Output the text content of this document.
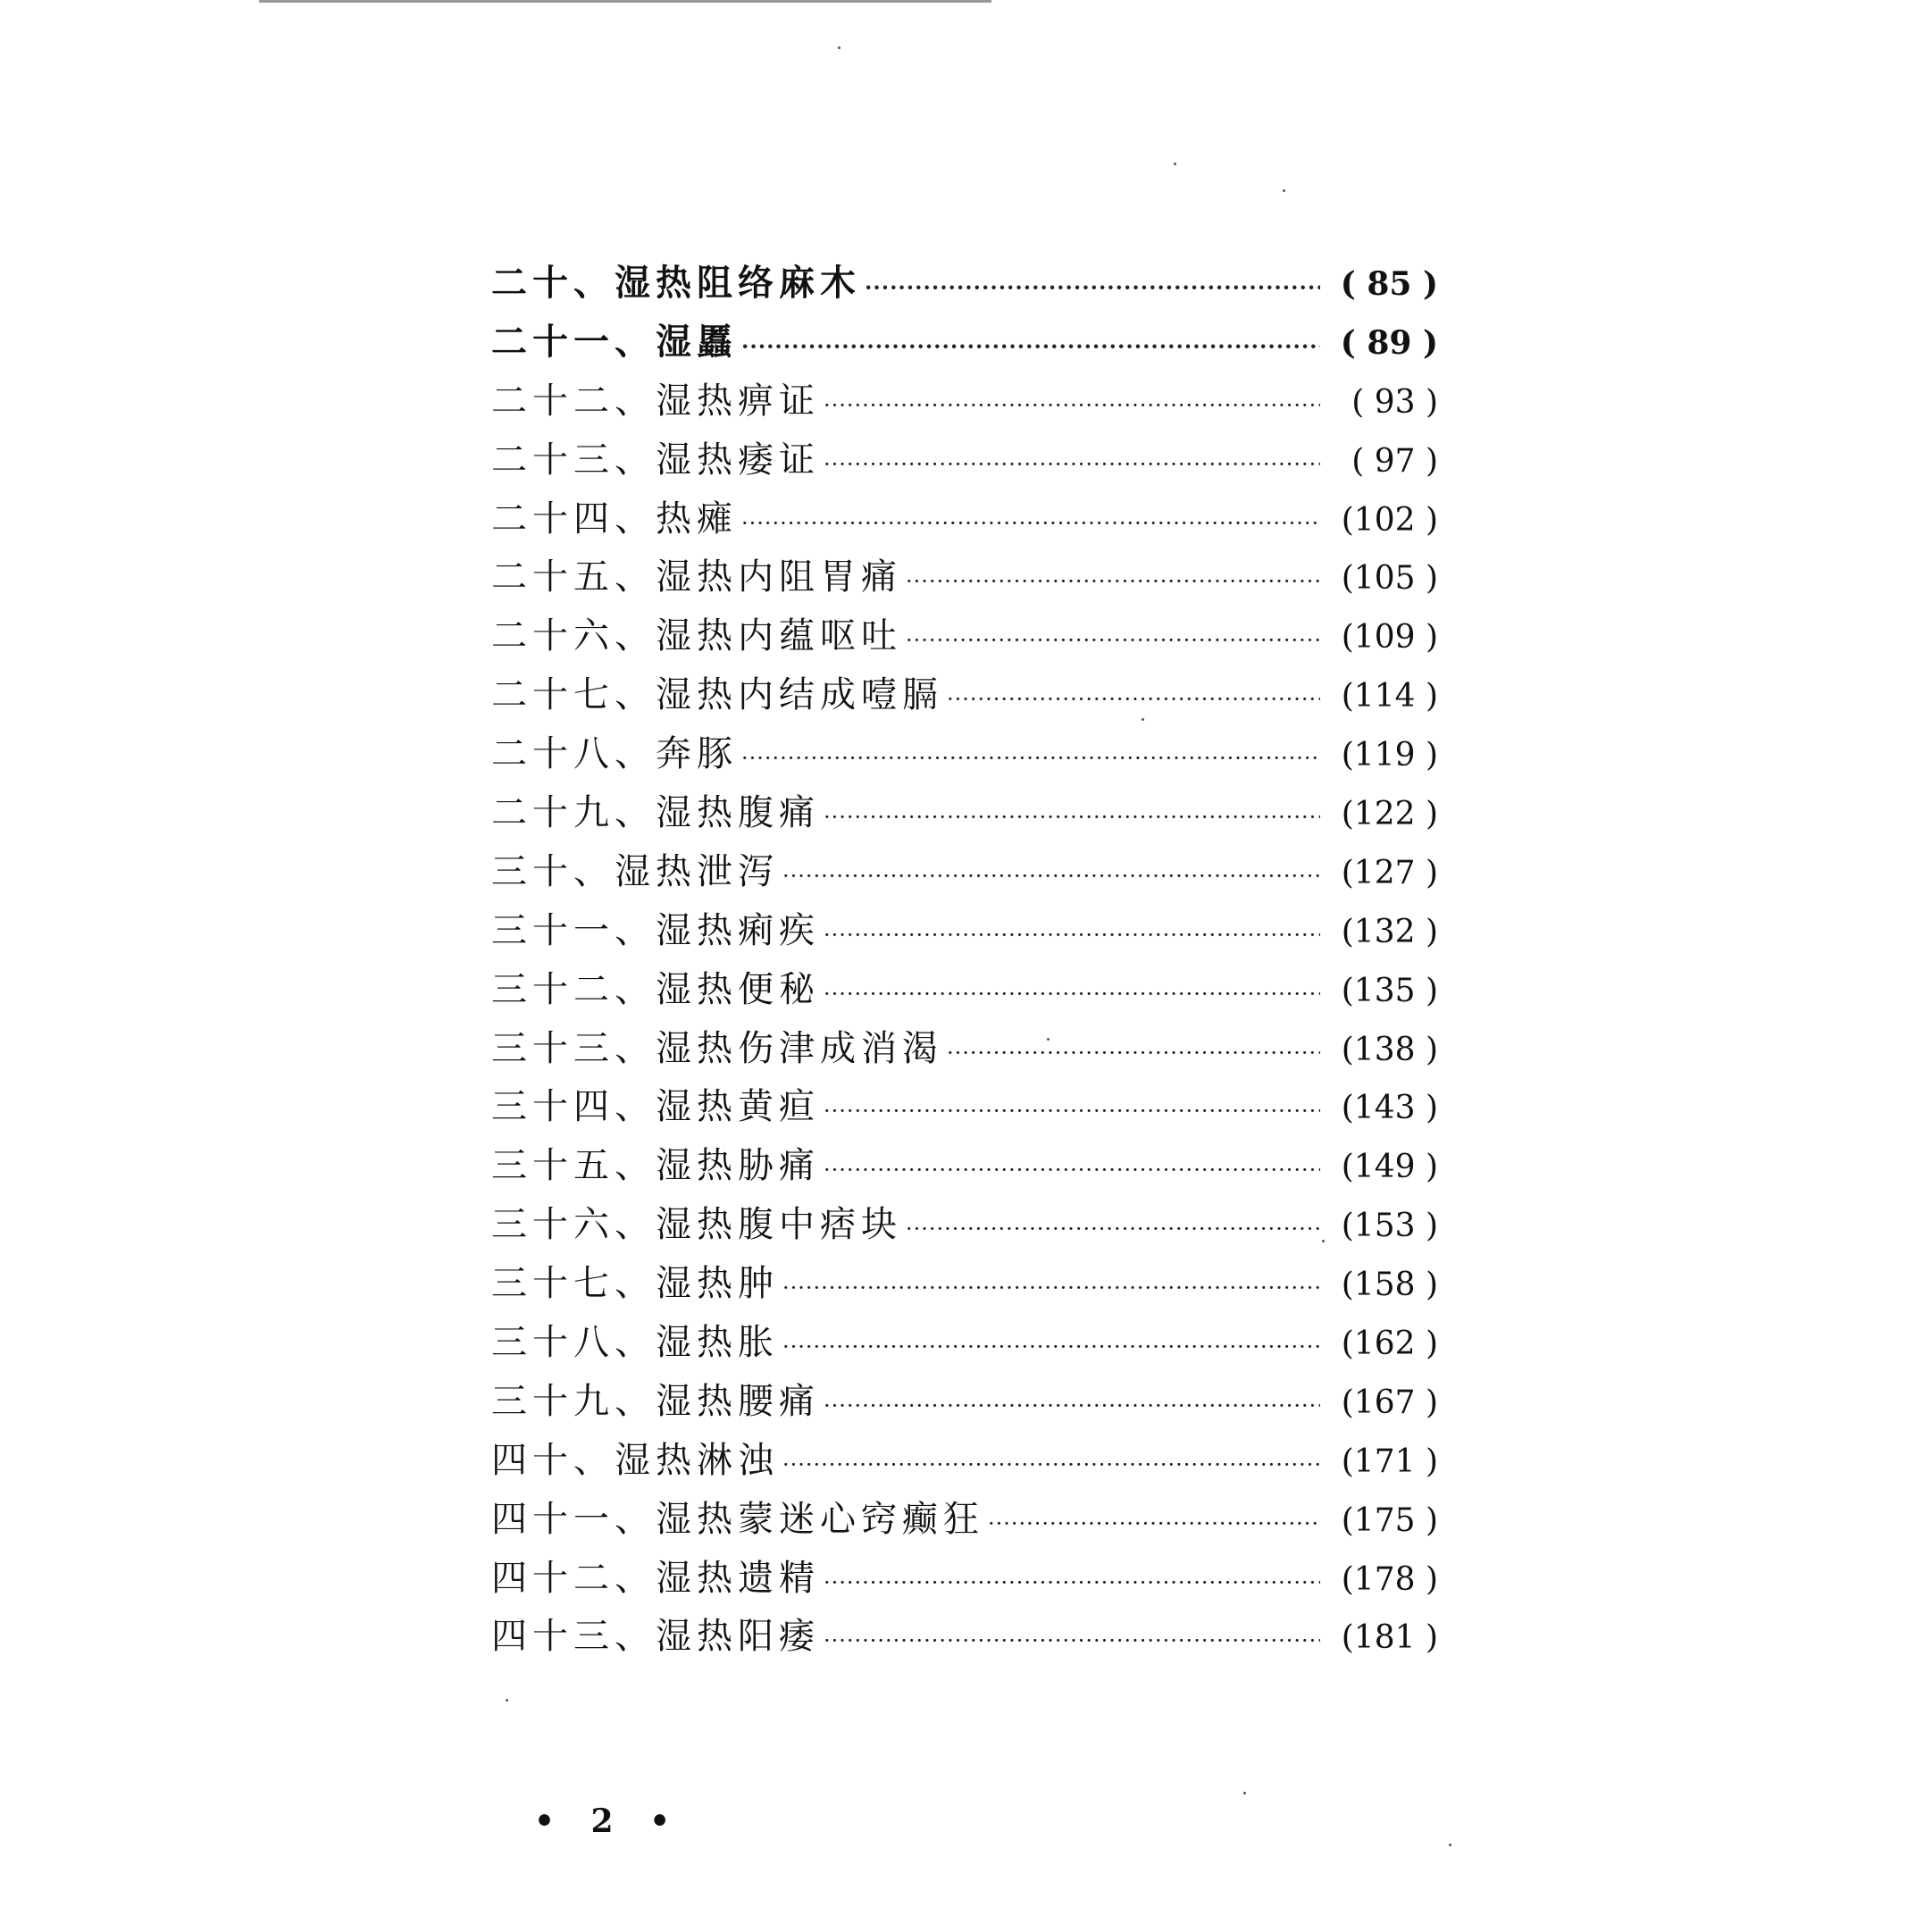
二十、 湿热阻络麻木 ·····	( 85 )
二十一、 湿䘌 ·····	( 89 )
二十二、 湿热痹证 ·····	( 93 )
二十三、 湿热痿证 ·····	( 97 )
二十四、 热瘫 ·····	(102 )
二十五、 湿热内阻胃痛 ·····	(105 )
二十六、 湿热内蕴呕吐 ·····	(109 )
二十七、 湿热内结成噎膈 ·····	(114 )
二十八、 奔豚 ·····	(119 )
二十九、 湿热腹痛 ·····	(122 )
三十、 湿热泄泻 ·····	(127 )
三十一、 湿热痢疾 ·····	(132 )
三十二、 湿热便秘 ·····	(135 )
三十三、 湿热伤津成消渴 ·····	(138 )
三十四、 湿热黄疸 ·····	(143 )
三十五、 湿热胁痛 ·····	(149 )
三十六、 湿热腹中痞块 ·····	(153 )
三十七、 湿热肿 ·····	(158 )
三十八、 湿热胀 ·····	(162 )
三十九、 湿热腰痛 ·····	(167 )
四十、 湿热淋浊 ·····	(171 )
四十一、 湿热蒙迷心窍癫狂 ·····	(175 )
四十二、 湿热遗精 ·····	(178 )
四十三、 湿热阳痿 ·····	(181 )
• 2 •
